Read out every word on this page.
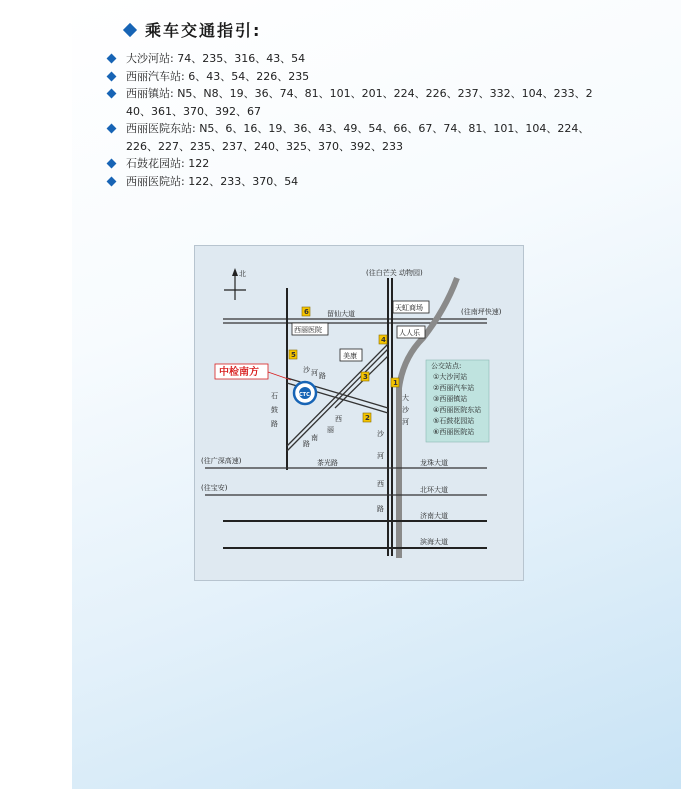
乘车交通指引:
大沙河站: 74、235、316、43、54
西丽汽车站: 6、43、54、226、235
西丽镇站: N5、N8、19、36、74、81、101、201、224、226、237、332、104、233、240、361、370、392、67
西丽医院东站: N5、6、16、19、36、43、49、54、66、67、74、81、101、104、224、226、227、235、237、240、325、370、392、233
石鼓花园站: 122
西丽医院站: 122、233、370、54
北	(往白芒关 动物园)
(往南坪快速)
(往广深高速)
(往宝安)
留仙大道
茶光路	龙珠大道
北环大道
济南大道
滨海大道
石
鼓
路
大
沙
河
沙
河
西
路
西
丽
南
路
沙 河 路
天虹商场
人人乐
西丽医院
美康
6
5
4
3
1
2
中检南方
CTC
公交站点:
①大沙河站
②西丽汽车站
③西丽镇站
④西丽医院东站
⑤石鼓花园站
⑥西丽医院站
